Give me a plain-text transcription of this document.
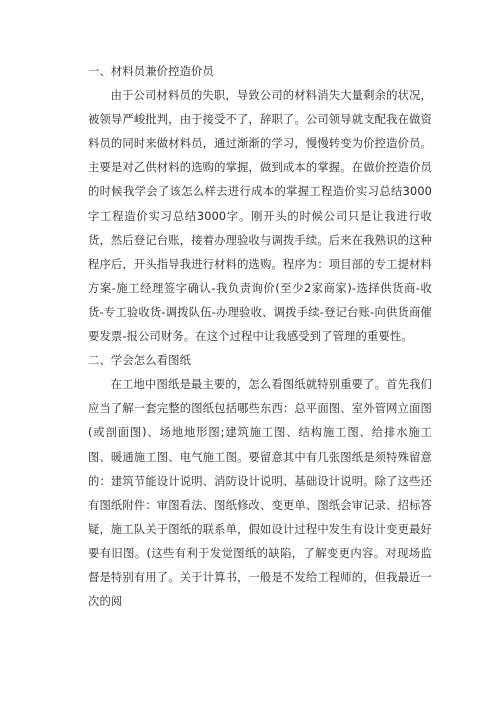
一、材料员兼价控造价员

由于公司材料员的失职，导致公司的材料消失大量剩余的状况，被领导严峻批判，由于接受不了，辞职了。公司领导就支配我在做资料员的同时来做材料员，通过渐渐的学习，慢慢转变为价控造价员。主要是对乙供材料的选购的掌握，做到成本的掌握。在做价控造价员的时候我学会了该怎么样去进行成本的掌握工程造价实习总结3000字工程造价实习总结3000字。刚开头的时候公司只是让我进行收货，然后登记台账，接着办理验收与调拨手续。后来在我熟识的这种程序后，开头指导我进行材料的选购。程序为：项目部的专工提材料方案-施工经理签字确认-我负责询价(至少2家商家)-选择供货商-收货-专工验收货-调拨队伍-办理验收、调拨手续-登记台账-向供货商催要发票-报公司财务。在这个过程中让我感受到了管理的重要性。

二、学会怎么看图纸

在工地中图纸是最主要的，怎么看图纸就特别重要了。首先我们应当了解一套完整的图纸包括哪些东西：总平面图、室外管网立面图(或剖面图)、场地地形图;建筑施工图、结构施工图、给排水施工图、暖通施工图、电气施工图。要留意其中有几张图纸是须特殊留意的：建筑节能设计说明、消防设计说明、基础设计说明。除了这些还有图纸附件：审图看法、图纸修改、变更单、图纸会审记录、招标答疑，施工队关于图纸的联系单，假如设计过程中发生有设计变更最好要有旧图。(这些有利于发觉图纸的缺陷，了解变更内容。对现场监督是特别有用了。关于计算书，一般是不发给工程师的，但我最近一次的阅
